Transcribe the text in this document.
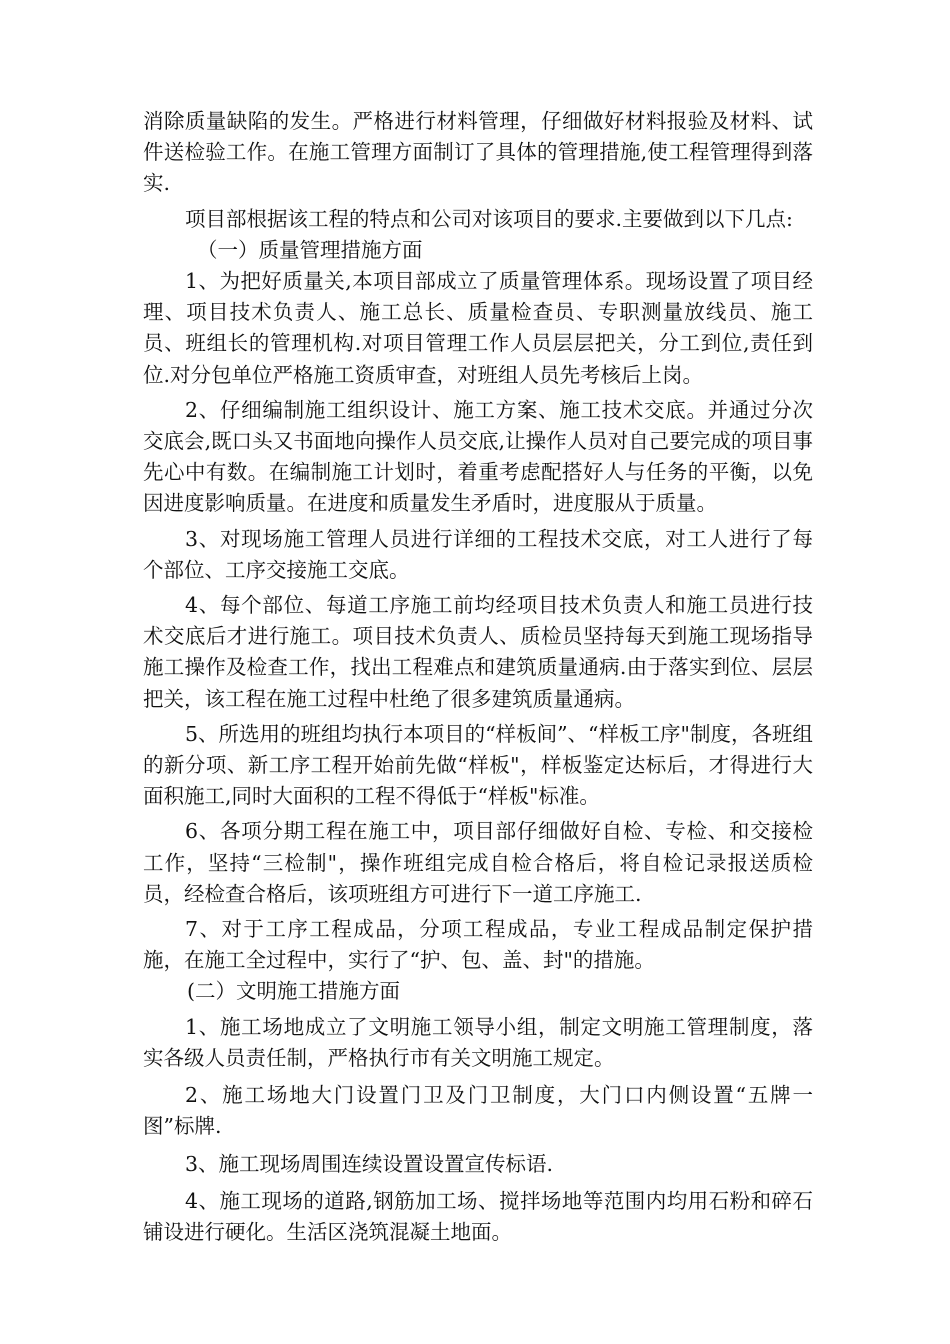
消除质量缺陷的发生。严格进行材料管理，仔细做好材料报验及材料、试件送检验工作。在施工管理方面制订了具体的管理措施,使工程管理得到落实.

项目部根据该工程的特点和公司对该项目的要求.主要做到以下几点:

（一）质量管理措施方面

1、为把好质量关,本项目部成立了质量管理体系。现场设置了项目经理、项目技术负责人、施工总长、质量检查员、专职测量放线员、施工员、班组长的管理机构.对项目管理工作人员层层把关，分工到位,责任到位.对分包单位严格施工资质审查，对班组人员先考核后上岗。

2、仔细编制施工组织设计、施工方案、施工技术交底。并通过分次交底会,既口头又书面地向操作人员交底,让操作人员对自己要完成的项目事先心中有数。在编制施工计划时，着重考虑配搭好人与任务的平衡，以免因进度影响质量。在进度和质量发生矛盾时，进度服从于质量。

3、对现场施工管理人员进行详细的工程技术交底，对工人进行了每个部位、工序交接施工交底。

4、每个部位、每道工序施工前均经项目技术负责人和施工员进行技术交底后才进行施工。项目技术负责人、质检员坚持每天到施工现场指导施工操作及检查工作，找出工程难点和建筑质量通病.由于落实到位、层层把关，该工程在施工过程中杜绝了很多建筑质量通病。

5、所选用的班组均执行本项目的“样板间”、“样板工序"制度，各班组的新分项、新工序工程开始前先做“样板"，样板鉴定达标后，才得进行大面积施工,同时大面积的工程不得低于“样板"标准。

6、各项分期工程在施工中，项目部仔细做好自检、专检、和交接检工作，坚持“三检制"，操作班组完成自检合格后，将自检记录报送质检员，经检查合格后，该项班组方可进行下一道工序施工.

7、对于工序工程成品，分项工程成品，专业工程成品制定保护措施，在施工全过程中，实行了“护、包、盖、封"的措施。

(二）文明施工措施方面

1、施工场地成立了文明施工领导小组，制定文明施工管理制度，落实各级人员责任制，严格执行市有关文明施工规定。

2、施工场地大门设置门卫及门卫制度，大门口内侧设置“五牌一图”标牌.

3、施工现场周围连续设置设置宣传标语.

4、施工现场的道路,钢筋加工场、搅拌场地等范围内均用石粉和碎石铺设进行硬化。生活区浇筑混凝土地面。
